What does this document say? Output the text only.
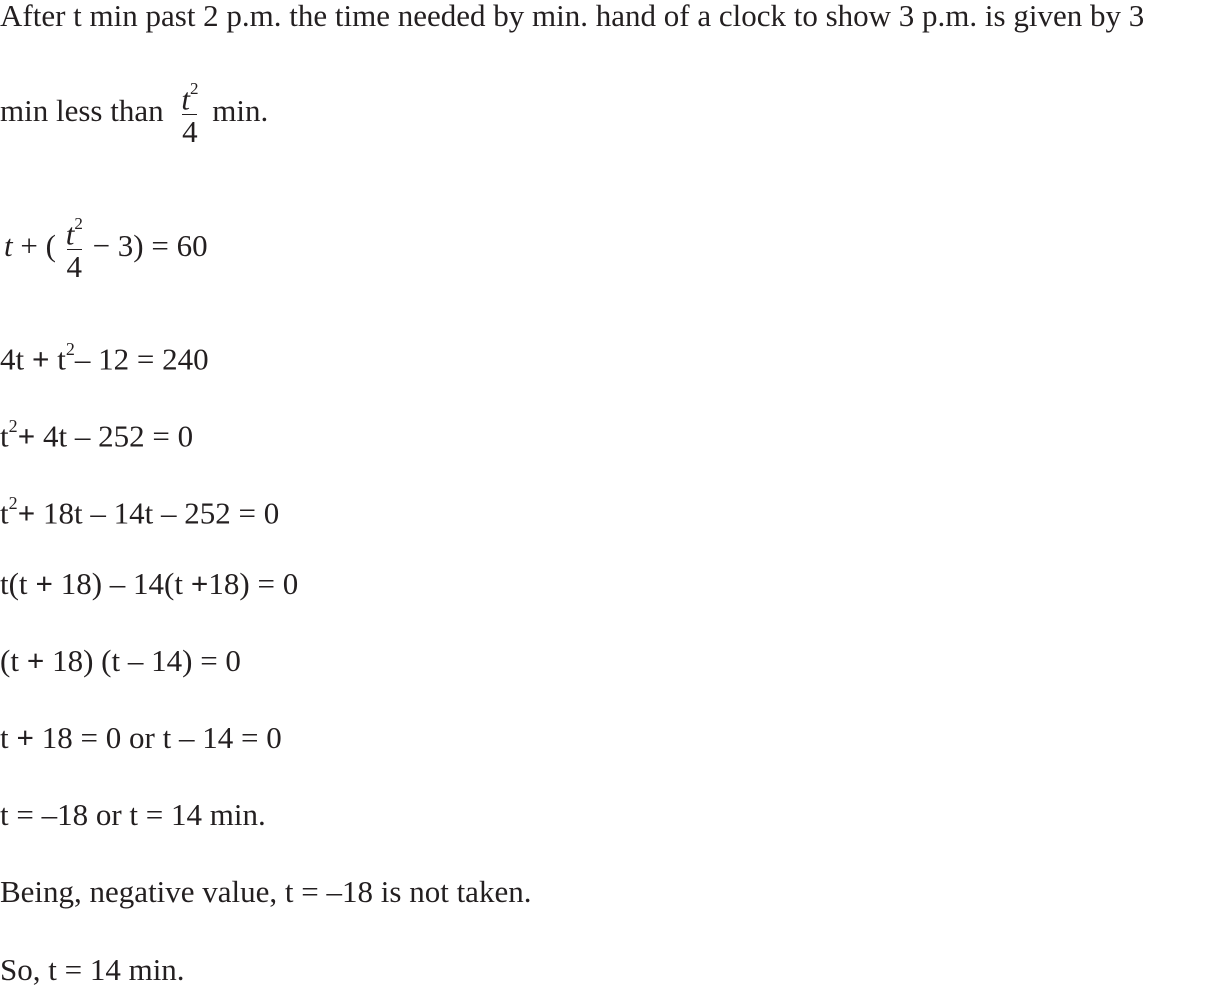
After t min past 2 p.m. the time needed by min. hand of a clock to show 3 p.m. is given by 3
min less than $\frac{t^2}{4} \min$.
t + ( $\frac{t^2}{4} - 3) = 60$
$4t + t^2-$ 12 = 240
$t^2+ 4t - 252 = 0$
$t^2+ 18t - 14t - 252 = 0$
t(t + 18) – 14(t +18) = 0
(t + 18) (t – 14) = 0
t + 18 = 0 or t – 14 = 0
t = –18 or t = 14 min.
Being, negative value, t = –18 is not taken.
So, t = 14 min.
